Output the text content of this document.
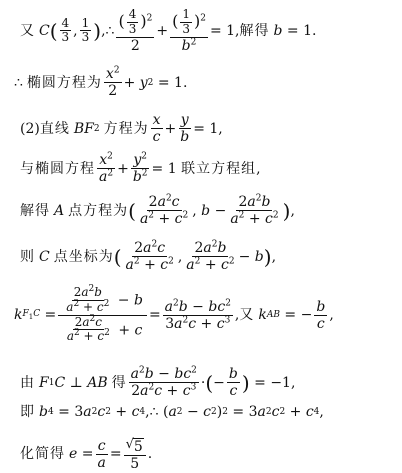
又 C ( $\frac{4}{3}$ , $\frac{1}{3}$ ) , ∴ $\frac{( \frac{4}{3} )^2}{2} + \frac{( \frac{1}{3} )^2}{b^2} = 1$ , 解得 b = 1 .
∴ 椭圆方程为 $\frac{x^2}{2} + y$ 2 = 1 .
(2) 直线 BF 2 方程为 $\frac{x}{c} + \frac{y}{b} = 1$ ,
与椭圆方程 $\frac{x^2}{a^2} + \frac{y^2}{b^2} = 1$ 联立方程组 ,
解得 A 点方程为 ( $\frac{2a^2c}{a^2 + c^2}$ , $b - \frac{2a^2b}{a^2 + c^2}$ ) ,
则 C 点坐标为 ( $\frac{2a^2c}{a^2 + c^2}$ , $\frac{2a^2b}{a^2 + c^2} - b$ ) ,
k $F_1C = \frac{\frac{2a^2b}{a^2 + c^2} - b}{\frac{2a^2c}{a^2 + c^2} + c} = \frac{a^2b - bc^2}{3a^2c + c^3}$ , 又 k AB = − $\frac{b}{c}$ ,
由 F 1 C ⊥ AB 得 $\frac{a^2b - bc^2}{2a^2c + c^3}$ · ( − $\frac{b}{c}$ ) = −1 ,
即 b 4 = 3 a 2 c 2 + c 4 , ∴ ( a 2 − c 2 ) 2 = 3 a 2 c 2 + c 4 ,
化简得 $e = \frac{c}{a} = \frac{√ 5}{5}$ .
